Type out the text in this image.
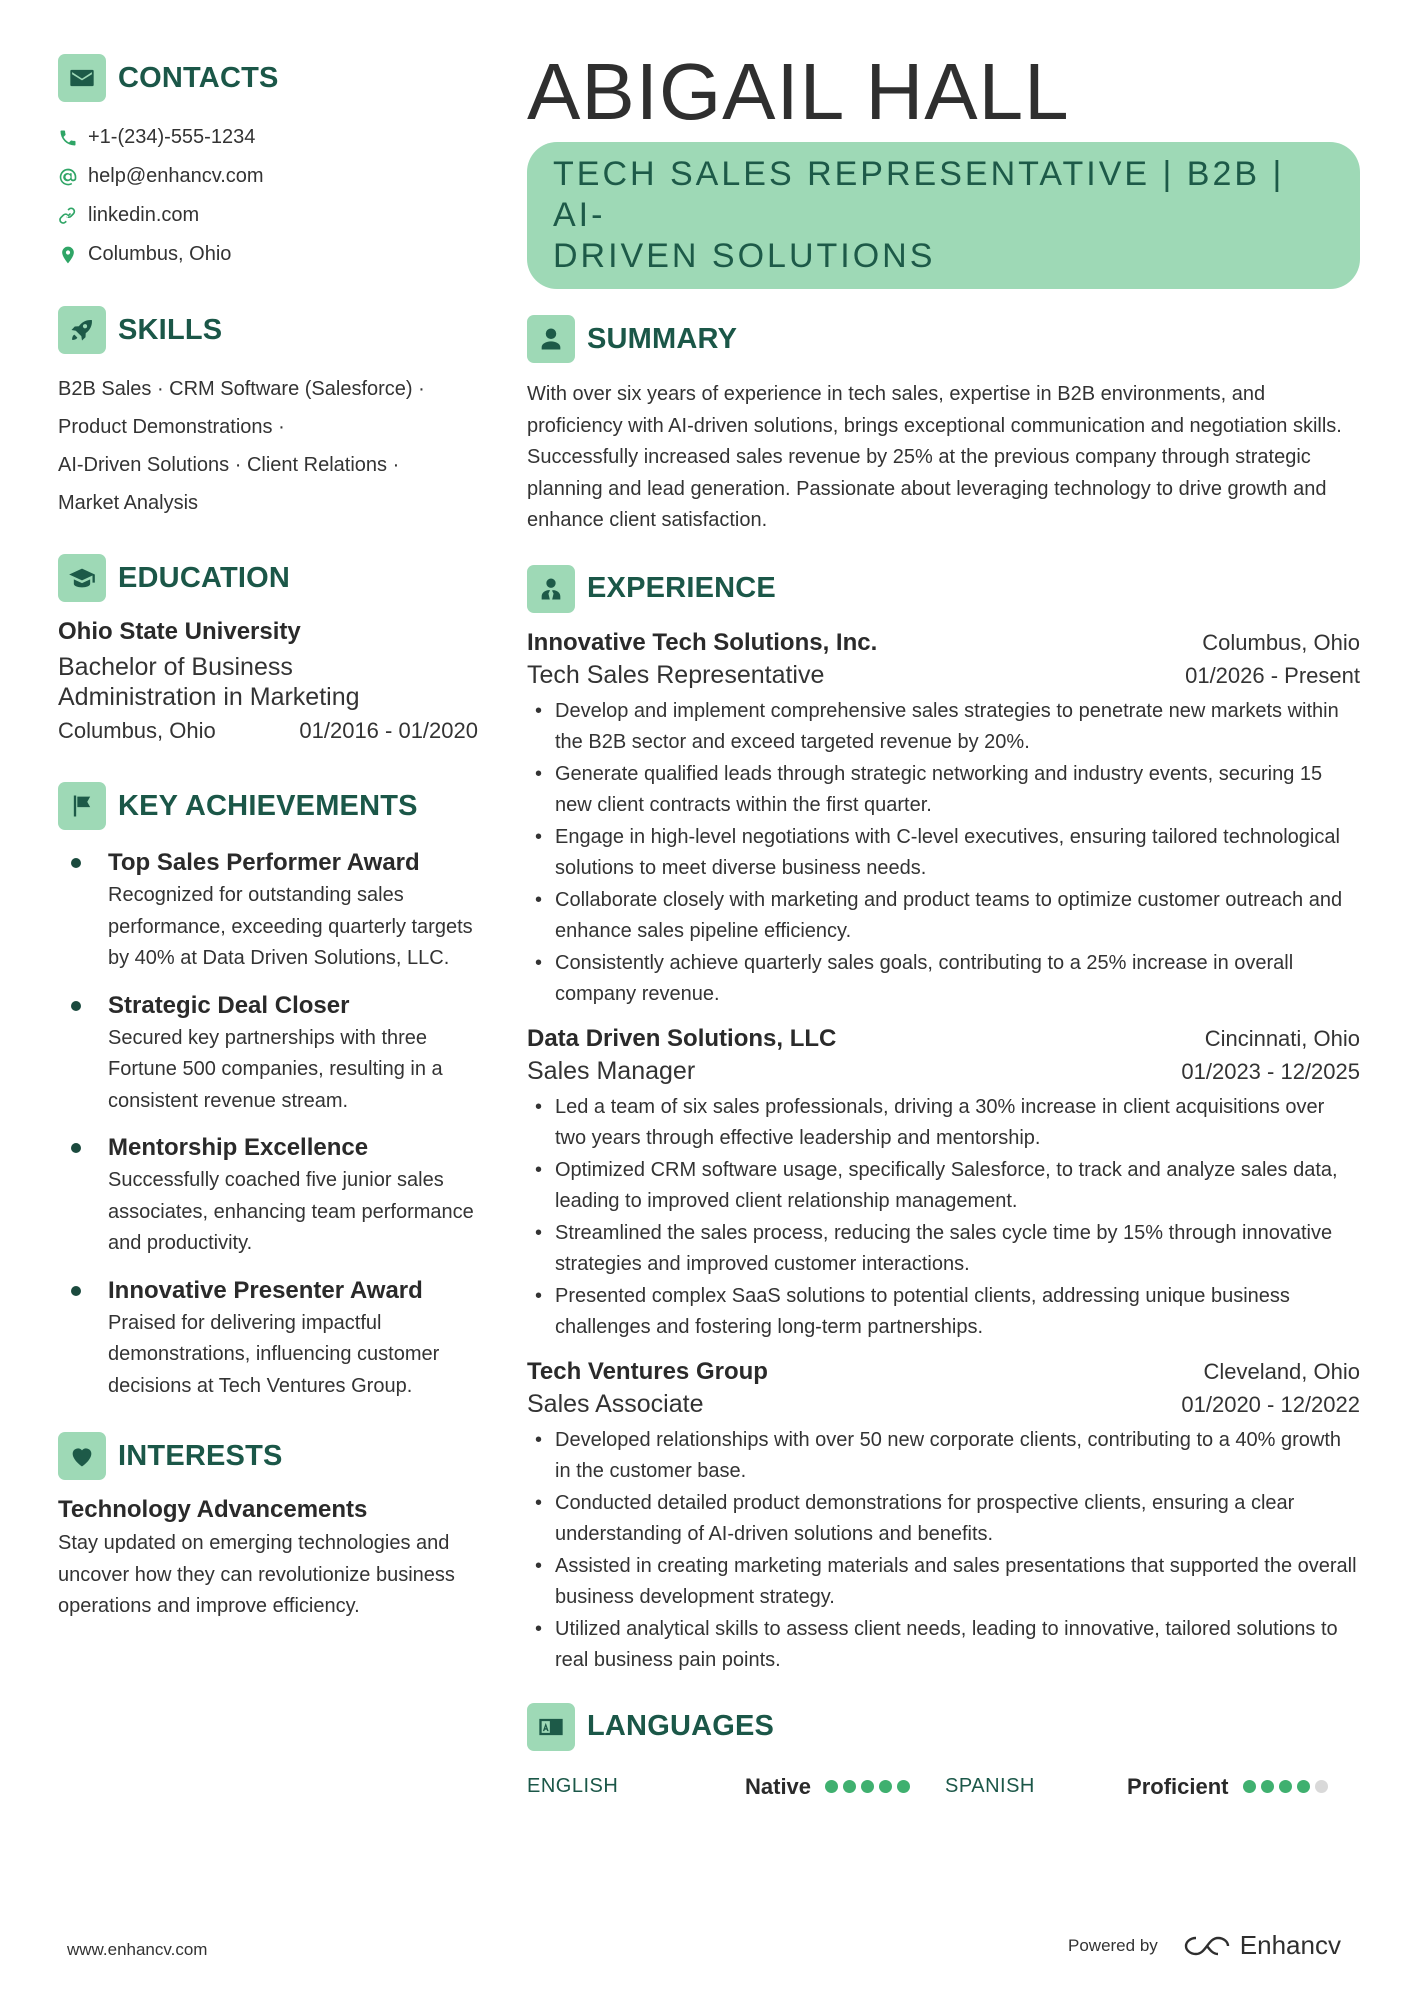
CONTACTS
+1-(234)-555-1234
help@enhancv.com
linkedin.com
Columbus, Ohio
SKILLS
B2B Sales · CRM Software (Salesforce) ·
Product Demonstrations ·
AI-Driven Solutions · Client Relations ·
Market Analysis
EDUCATION
Ohio State University
Bachelor of Business
Administration in Marketing
Columbus, Ohio	01/2016 - 01/2020
KEY ACHIEVEMENTS
Top Sales Performer Award
Recognized for outstanding sales performance, exceeding quarterly targets by 40% at Data Driven Solutions, LLC.
Strategic Deal Closer
Secured key partnerships with three Fortune 500 companies, resulting in a consistent revenue stream.
Mentorship Excellence
Successfully coached five junior sales associates, enhancing team performance and productivity.
Innovative Presenter Award
Praised for delivering impactful demonstrations, influencing customer decisions at Tech Ventures Group.
INTERESTS
Technology Advancements
Stay updated on emerging technologies and uncover how they can revolutionize business operations and improve efficiency.
ABIGAIL HALL
TECH SALES REPRESENTATIVE | B2B | AI-
DRIVEN SOLUTIONS
SUMMARY
With over six years of experience in tech sales, expertise in B2B environments, and proficiency with AI-driven solutions, brings exceptional communication and negotiation skills. Successfully increased sales revenue by 25% at the previous company through strategic planning and lead generation. Passionate about leveraging technology to drive growth and enhance client satisfaction.
EXPERIENCE
Innovative Tech Solutions, Inc.	Columbus, Ohio
Tech Sales Representative	01/2026 - Present
• Develop and implement comprehensive sales strategies to penetrate new markets within the B2B sector and exceed targeted revenue by 20%.
• Generate qualified leads through strategic networking and industry events, securing 15 new client contracts within the first quarter.
• Engage in high-level negotiations with C-level executives, ensuring tailored technological solutions to meet diverse business needs.
• Collaborate closely with marketing and product teams to optimize customer outreach and enhance sales pipeline efficiency.
• Consistently achieve quarterly sales goals, contributing to a 25% increase in overall company revenue.
Data Driven Solutions, LLC	Cincinnati, Ohio
Sales Manager	01/2023 - 12/2025
• Led a team of six sales professionals, driving a 30% increase in client acquisitions over two years through effective leadership and mentorship.
• Optimized CRM software usage, specifically Salesforce, to track and analyze sales data, leading to improved client relationship management.
• Streamlined the sales process, reducing the sales cycle time by 15% through innovative strategies and improved customer interactions.
• Presented complex SaaS solutions to potential clients, addressing unique business challenges and fostering long-term partnerships.
Tech Ventures Group	Cleveland, Ohio
Sales Associate	01/2020 - 12/2022
• Developed relationships with over 50 new corporate clients, contributing to a 40% growth in the customer base.
• Conducted detailed product demonstrations for prospective clients, ensuring a clear understanding of AI-driven solutions and benefits.
• Assisted in creating marketing materials and sales presentations that supported the overall business development strategy.
• Utilized analytical skills to assess client needs, leading to innovative, tailored solutions to real business pain points.
LANGUAGES
ENGLISH	Native	SPANISH	Proficient
www.enhancv.com	Powered by	Enhancv
